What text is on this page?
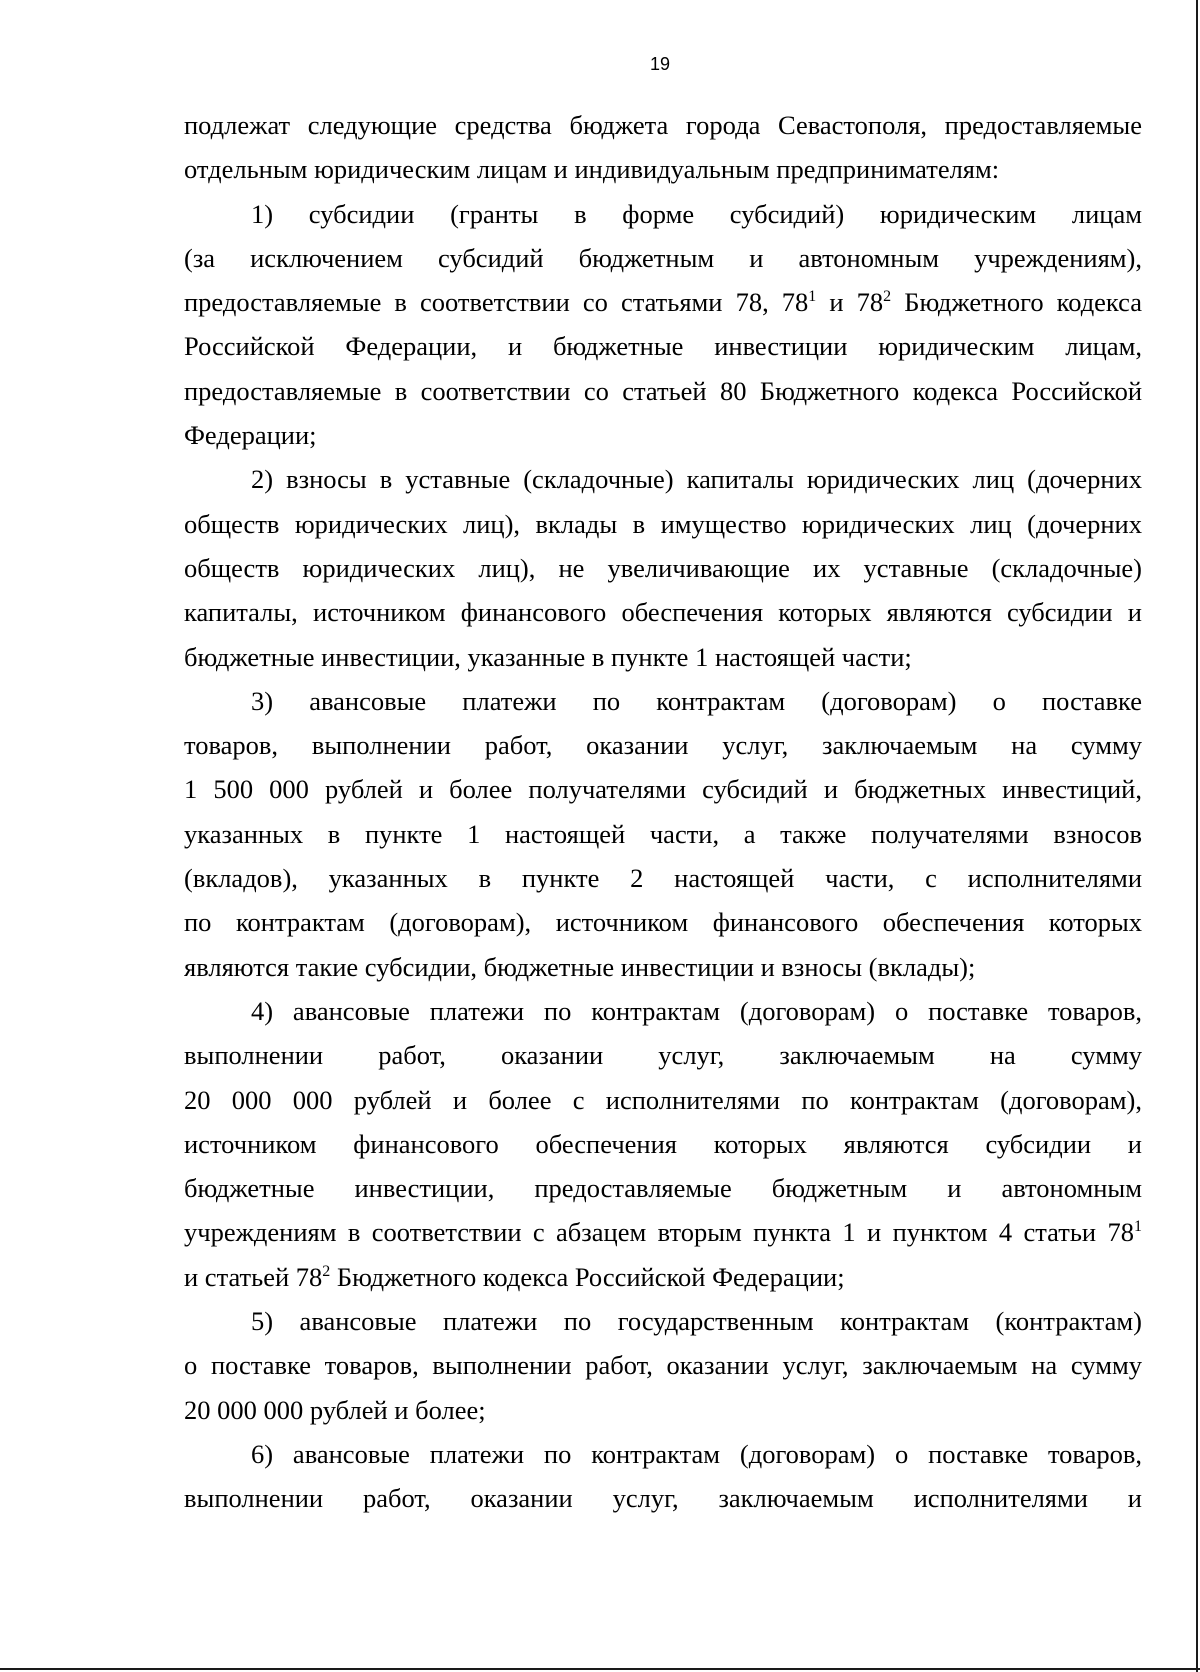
19
подлежат следующие средства бюджета города Севастополя, предоставляемые
отдельным юридическим лицам и индивидуальным предпринимателям:
1) субсидии (гранты в форме субсидий) юридическим лицам
(за исключением субсидий бюджетным и автономным учреждениям),
предоставляемые в соответствии со статьями 78, $78^1$ и $78^2$ Бюджетного кодекса
Российской Федерации, и бюджетные инвестиции юридическим лицам,
предоставляемые в соответствии со статьей 80 Бюджетного кодекса Российской
Федерации;
2) взносы в уставные (складочные) капиталы юридических лиц (дочерних
обществ юридических лиц), вклады в имущество юридических лиц (дочерних
обществ юридических лиц), не увеличивающие их уставные (складочные)
капиталы, источником финансового обеспечения которых являются субсидии и
бюджетные инвестиции, указанные в пункте 1 настоящей части;
3) авансовые платежи по контрактам (договорам) о поставке
товаров, выполнении работ, оказании услуг, заключаемым на сумму
1 500 000 рублей и более получателями субсидий и бюджетных инвестиций,
указанных в пункте 1 настоящей части, а также получателями взносов
(вкладов), указанных в пункте 2 настоящей части, с исполнителями
по контрактам (договорам), источником финансового обеспечения которых
являются такие субсидии, бюджетные инвестиции и взносы (вклады);
4) авансовые платежи по контрактам (договорам) о поставке товаров,
выполнении работ, оказании услуг, заключаемым на сумму
20 000 000 рублей и более с исполнителями по контрактам (договорам),
источником финансового обеспечения которых являются субсидии и
бюджетные инвестиции, предоставляемые бюджетным и автономным
учреждениям в соответствии с абзацем вторым пункта 1 и пунктом 4 статьи $78^1$
и статьей $78^2$ Бюджетного кодекса Российской Федерации;
5) авансовые платежи по государственным контрактам (контрактам)
о поставке товаров, выполнении работ, оказании услуг, заключаемым на сумму
20 000 000 рублей и более;
6) авансовые платежи по контрактам (договорам) о поставке товаров,
выполнении работ, оказании услуг, заключаемым исполнителями и
